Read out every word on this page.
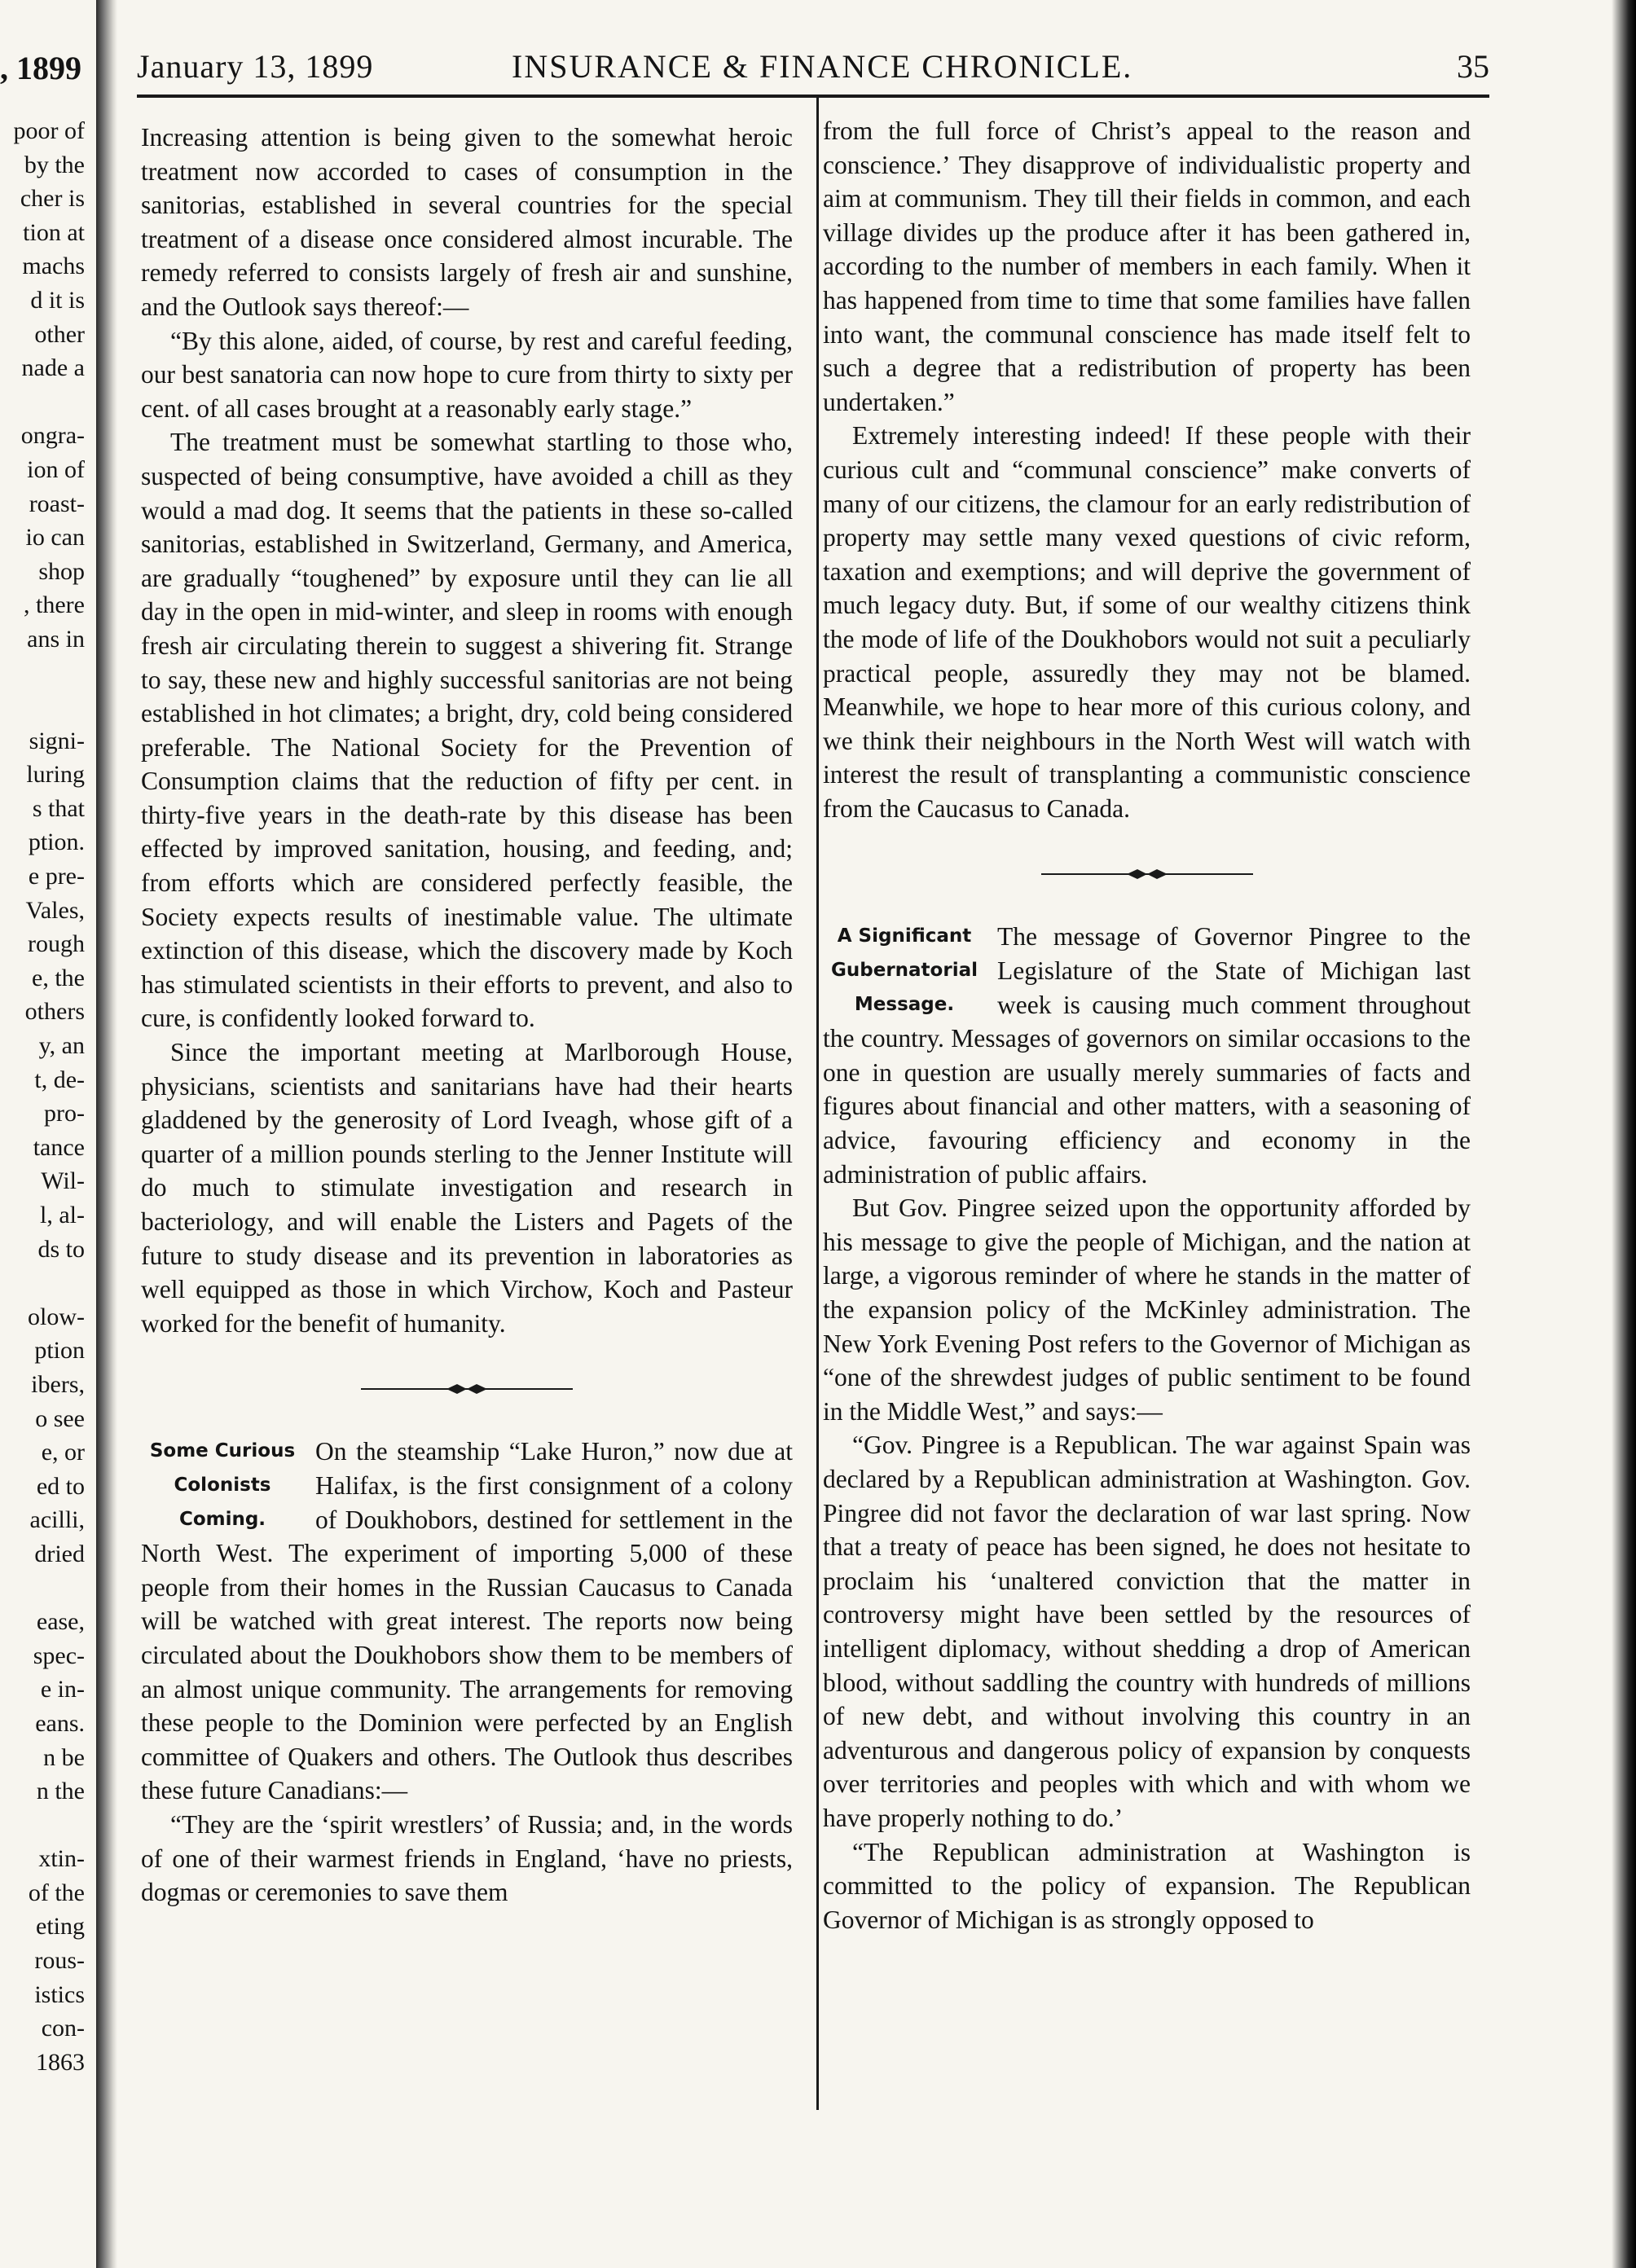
, 1899
poor of
by the
cher is
tion at
machs
d it is
other
nade a

ongra-
ion of
roast-
io can
shop
, there
ans in

signi-
luring
s that
ption.
e pre-
Vales,
rough
e, the
others
y, an
t, de-
pro-
tance
Wil-
l, al-
ds to

olow-
ption
ibers,
o see
e, or
ed to
acilli,
dried

ease,
spec-
e in-
eans.
n be
n the

xtin-
of the
eting
rous-
istics
con-
1863
January 13, 1899	INSURANCE & FINANCE CHRONICLE.	35

Increasing attention is being given to the somewhat heroic treatment now accorded to cases of consumption in the sanitorias, established in several countries for the special treatment of a disease once considered almost incurable. The remedy referred to consists largely of fresh air and sunshine, and the Outlook says thereof:—

“By this alone, aided, of course, by rest and careful feeding, our best sanatoria can now hope to cure from thirty to sixty per cent. of all cases brought at a reasonably early stage.”

The treatment must be somewhat startling to those who, suspected of being consumptive, have avoided a chill as they would a mad dog. It seems that the patients in these so-called sanitorias, established in Switzerland, Germany, and America, are gradually “toughened” by exposure until they can lie all day in the open in mid-winter, and sleep in rooms with enough fresh air circulating therein to suggest a shivering fit. Strange to say, these new and highly successful sanitorias are not being established in hot climates; a bright, dry, cold being considered preferable. The National Society for the Prevention of Consumption claims that the reduction of fifty per cent. in thirty-five years in the death-rate by this disease has been effected by improved sanitation, housing, and feeding, and; from efforts which are considered perfectly feasible, the Society expects results of inestimable value. The ultimate extinction of this disease, which the discovery made by Koch has stimulated scientists in their efforts to prevent, and also to cure, is confidently looked forward to.

Since the important meeting at Marlborough House, physicians, scientists and sanitarians have had their hearts gladdened by the generosity of Lord Iveagh, whose gift of a quarter of a million pounds sterling to the Jenner Institute will do much to stimulate investigation and research in bacteriology, and will enable the Listers and Pagets of the future to study disease and its prevention in laboratories as well equipped as those in which Virchow, Koch and Pasteur worked for the benefit of humanity.

Some Curious
Colonists
Coming.

On the steamship “Lake Huron,” now due at Halifax, is the first consignment of a colony of Doukhobors, destined for settlement in the North West. The experiment of importing 5,000 of these people from their homes in the Russian Caucasus to Canada will be watched with great interest. The reports now being circulated about the Doukhobors show them to be members of an almost unique community. The arrangements for removing these people to the Dominion were perfected by an English committee of Quakers and others. The Outlook thus describes these future Canadians:—

“They are the ‘spirit wrestlers’ of Russia; and, in the words of one of their warmest friends in England, ‘have no priests, dogmas or ceremonies to save them

from the full force of Christ’s appeal to the reason and conscience.’ They disapprove of individualistic property and aim at communism. They till their fields in common, and each village divides up the produce after it has been gathered in, according to the number of members in each family. When it has happened from time to time that some families have fallen into want, the communal conscience has made itself felt to such a degree that a redistribution of property has been undertaken.”

Extremely interesting indeed! If these people with their curious cult and “communal conscience” make converts of many of our citizens, the clamour for an early redistribution of property may settle many vexed questions of civic reform, taxation and exemptions; and will deprive the government of much legacy duty. But, if some of our wealthy citizens think the mode of life of the Doukhobors would not suit a peculiarly practical people, assuredly they may not be blamed. Meanwhile, we hope to hear more of this curious colony, and we think their neighbours in the North West will watch with interest the result of transplanting a communistic conscience from the Caucasus to Canada.

A Significant
Gubernatorial
Message.

The message of Governor Pingree to the Legislature of the State of Michigan last week is causing much comment throughout the country. Messages of governors on similar occasions to the one in question are usually merely summaries of facts and figures about financial and other matters, with a seasoning of advice, favouring efficiency and economy in the administration of public affairs.

But Gov. Pingree seized upon the opportunity afforded by his message to give the people of Michigan, and the nation at large, a vigorous reminder of where he stands in the matter of the expansion policy of the McKinley administration. The New York Evening Post refers to the Governor of Michigan as “one of the shrewdest judges of public sentiment to be found in the Middle West,” and says:—

“Gov. Pingree is a Republican. The war against Spain was declared by a Republican administration at Washington. Gov. Pingree did not favor the declaration of war last spring. Now that a treaty of peace has been signed, he does not hesitate to proclaim his ‘unaltered conviction that the matter in controversy might have been settled by the resources of intelligent diplomacy, without shedding a drop of American blood, without saddling the country with hundreds of millions of new debt, and without involving this country in an adventurous and dangerous policy of expansion by conquests over territories and peoples with which and with whom we have properly nothing to do.’

“The Republican administration at Washington is committed to the policy of expansion. The Republican Governor of Michigan is as strongly opposed to
